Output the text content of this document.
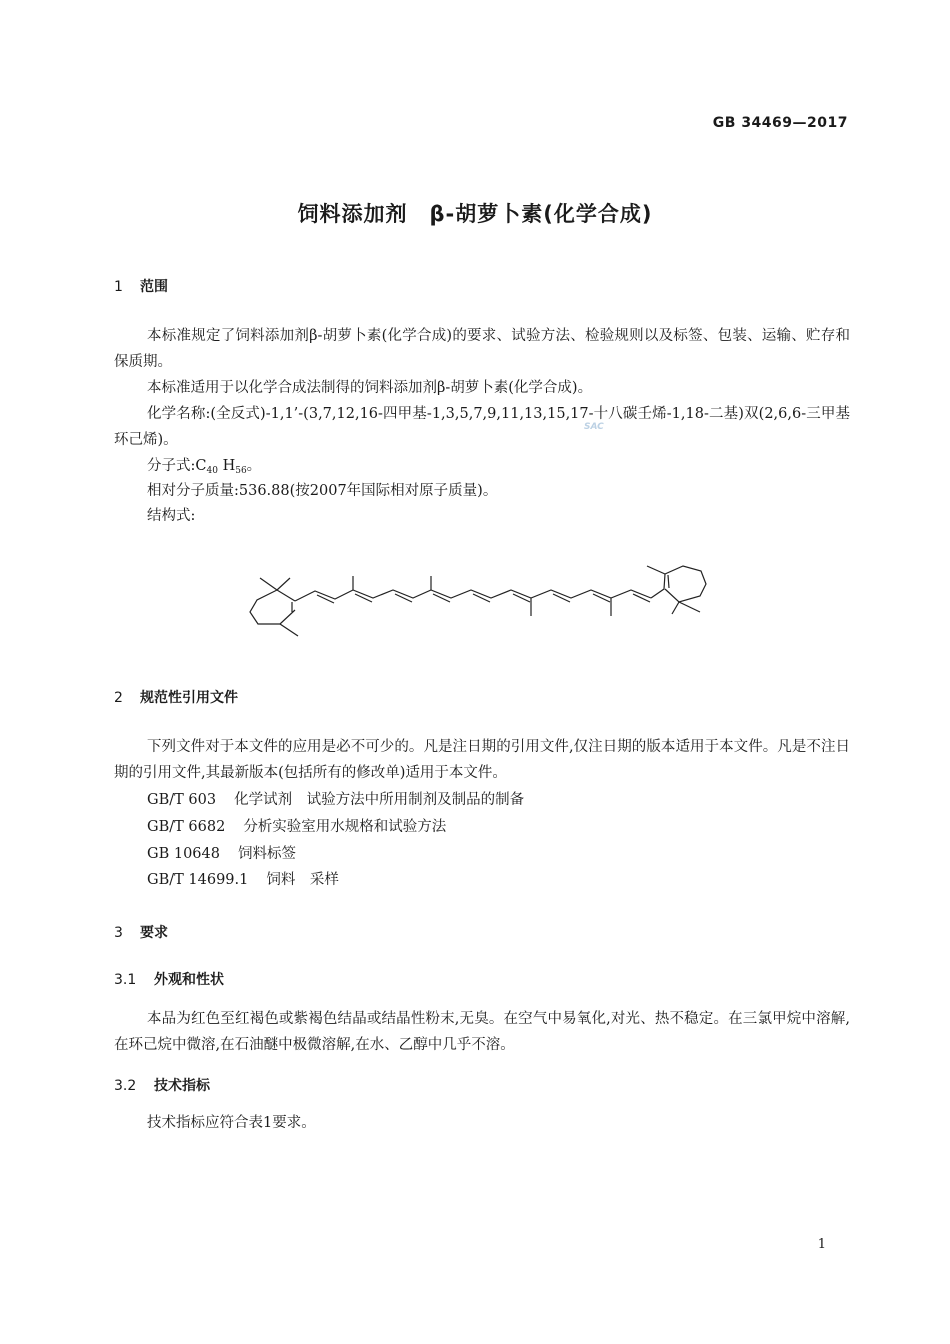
GB 34469—2017
饲料添加剂　β-胡萝卜素(化学合成)
1 范围
本标准规定了饲料添加剂β-胡萝卜素(化学合成)的要求、试验方法、检验规则以及标签、包装、运输、贮存和保质期。
本标准适用于以化学合成法制得的饲料添加剂β-胡萝卜素(化学合成)。
化学名称:(全反式)-1,1’-(3,7,12,16-四甲基-1,3,5,7,9,11,13,15,17-十八碳壬烯-1,18-二基)双(2,6,6-三甲基环己烯)。
分子式$:C_{40}$ $H_{56}$。
相对分子质量:536.88(按2007年国际相对原子质量)。
结构式:
SAC
2 规范性引用文件
下列文件对于本文件的应用是必不可少的。凡是注日期的引用文件,仅注日期的版本适用于本文件。凡是不注日期的引用文件,其最新版本(包括所有的修改单)适用于本文件。
GB/T 603 化学试剂　试验方法中所用制剂及制品的制备
GB/T 6682 分析实验室用水规格和试验方法
GB 10648 饲料标签
GB/T 14699.1 饲料　采样
3 要求
3.1 外观和性状
本品为红色至红褐色或紫褐色结晶或结晶性粉末,无臭。在空气中易氧化,对光、热不稳定。在三氯甲烷中溶解,在环己烷中微溶,在石油醚中极微溶解,在水、乙醇中几乎不溶。
3.2 技术指标
技术指标应符合表1要求。
1
